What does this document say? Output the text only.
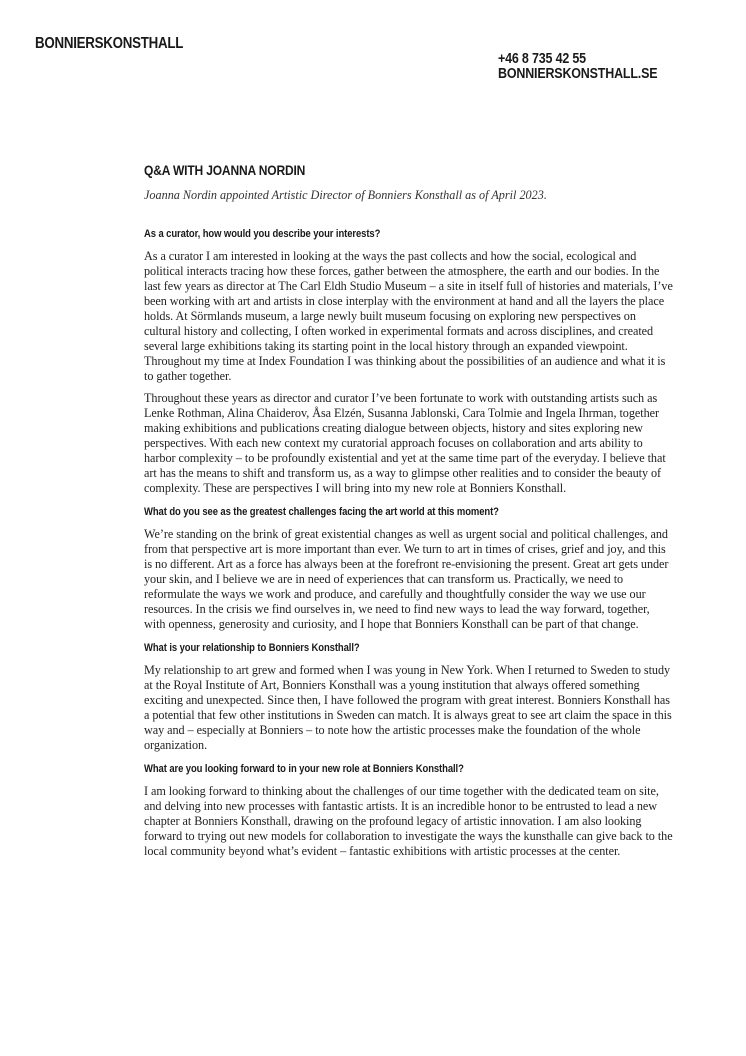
BONNIERSKONSTHALL
+46 8 735 42 55
BONNIERSKONSTHALL.SE
Q&A WITH JOANNA NORDIN

Joanna Nordin appointed Artistic Director of Bonniers Konsthall as of April 2023.

As a curator, how would you describe your interests?

As a curator I am interested in looking at the ways the past collects and how the social, ecological and political interacts tracing how these forces, gather between the atmosphere, the earth and our bodies. In the last few years as director at The Carl Eldh Studio Museum – a site in itself full of histories and materials, I’ve been working with art and artists in close interplay with the environment at hand and all the layers the place holds. At Sörmlands museum, a large newly built museum focusing on exploring new perspectives on cultural history and collecting, I often worked in experimental formats and across disciplines, and created several large exhibitions taking its starting point in the local history through an expanded viewpoint. Throughout my time at Index Foundation I was thinking about the possibilities of an audience and what it is to gather together.

Throughout these years as director and curator I’ve been fortunate to work with outstanding artists such as Lenke Rothman, Alina Chaiderov, Åsa Elzén, Susanna Jablonski, Cara Tolmie and Ingela Ihrman, together making exhibitions and publications creating dialogue between objects, history and sites exploring new perspectives. With each new context my curatorial approach focuses on collaboration and arts ability to harbor complexity – to be profoundly existential and yet at the same time part of the everyday. I believe that art has the means to shift and transform us, as a way to glimpse other realities and to consider the beauty of complexity. These are perspectives I will bring into my new role at Bonniers Konsthall.

What do you see as the greatest challenges facing the art world at this moment?

We’re standing on the brink of great existential changes as well as urgent social and political challenges, and from that perspective art is more important than ever. We turn to art in times of crises, grief and joy, and this is no different. Art as a force has always been at the forefront re-envisioning the present. Great art gets under your skin, and I believe we are in need of experiences that can transform us. Practically, we need to reformulate the ways we work and produce, and carefully and thoughtfully consider the way we use our resources. In the crisis we find ourselves in, we need to find new ways to lead the way forward, together, with openness, generosity and curiosity, and I hope that Bonniers Konsthall can be part of that change.

What is your relationship to Bonniers Konsthall?

My relationship to art grew and formed when I was young in New York. When I returned to Sweden to study at the Royal Institute of Art, Bonniers Konsthall was a young institution that always offered something exciting and unexpected. Since then, I have followed the program with great interest. Bonniers Konsthall has a potential that few other institutions in Sweden can match. It is always great to see art claim the space in this way and – especially at Bonniers – to note how the artistic processes make the foundation of the whole organization.

What are you looking forward to in your new role at Bonniers Konsthall?

I am looking forward to thinking about the challenges of our time together with the dedicated team on site, and delving into new processes with fantastic artists. It is an incredible honor to be entrusted to lead a new chapter at Bonniers Konsthall, drawing on the profound legacy of artistic innovation. I am also looking forward to trying out new models for collaboration to investigate the ways the kunsthalle can give back to the local community beyond what’s evident – fantastic exhibitions with artistic processes at the center.
